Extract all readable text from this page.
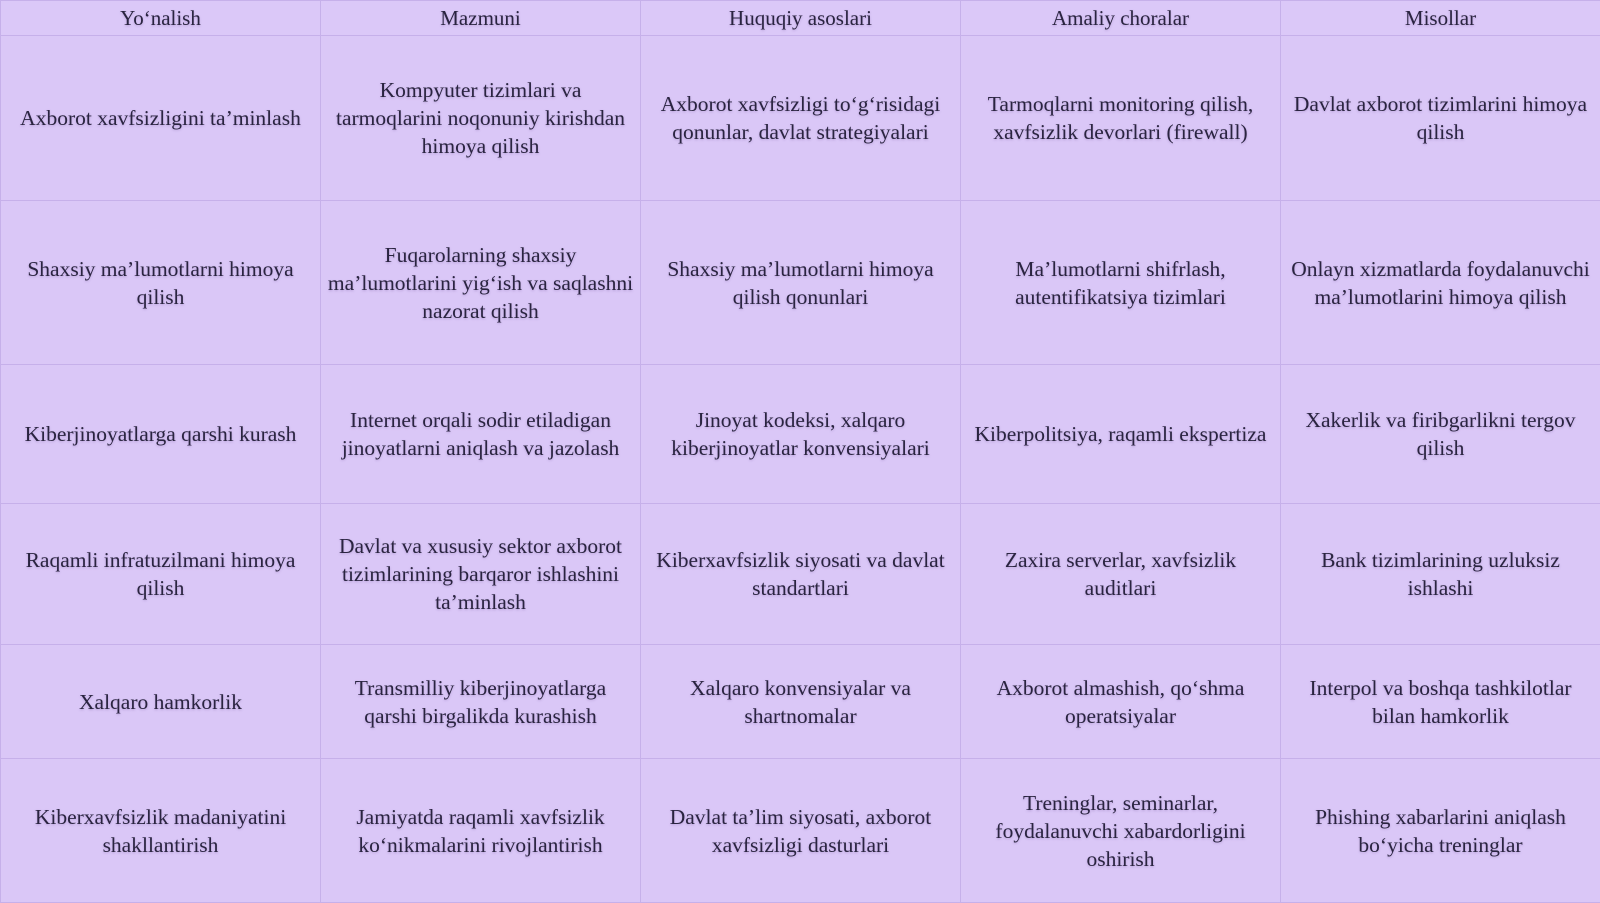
Yo‘nalish	Mazmuni	Huquqiy asoslari	Amaliy choralar	Misollar
Axborot xavfsizligini ta’minlash	Kompyuter tizimlari va tarmoqlarini noqonuniy kirishdan himoya qilish	Axborot xavfsizligi to‘g‘risidagi qonunlar, davlat strategiyalari	Tarmoqlarni monitoring qilish, xavfsizlik devorlari (firewall)	Davlat axborot tizimlarini himoya qilish
Shaxsiy ma’lumotlarni himoya qilish	Fuqarolarning shaxsiy ma’lumotlarini yig‘ish va saqlashni nazorat qilish	Shaxsiy ma’lumotlarni himoya qilish qonunlari	Ma’lumotlarni shifrlash, autentifikatsiya tizimlari	Onlayn xizmatlarda foydalanuvchi ma’lumotlarini himoya qilish
Kiberjinoyatlarga qarshi kurash	Internet orqali sodir etiladigan jinoyatlarni aniqlash va jazolash	Jinoyat kodeksi, xalqaro kiberjinoyatlar konvensiyalari	Kiberpolitsiya, raqamli ekspertiza	Xakerlik va firibgarlikni tergov qilish
Raqamli infratuzilmani himoya qilish	Davlat va xususiy sektor axborot tizimlarining barqaror ishlashini ta’minlash	Kiberxavfsizlik siyosati va davlat standartlari	Zaxira serverlar, xavfsizlik auditlari	Bank tizimlarining uzluksiz ishlashi
Xalqaro hamkorlik	Transmilliy kiberjinoyatlarga qarshi birgalikda kurashish	Xalqaro konvensiyalar va shartnomalar	Axborot almashish, qo‘shma operatsiyalar	Interpol va boshqa tashkilotlar bilan hamkorlik
Kiberxavfsizlik madaniyatini shakllantirish	Jamiyatda raqamli xavfsizlik ko‘nikmalarini rivojlantirish	Davlat ta’lim siyosati, axborot xavfsizligi dasturlari	Treninglar, seminarlar, foydalanuvchi xabardorligini oshirish	Phishing xabarlarini aniqlash bo‘yicha treninglar
